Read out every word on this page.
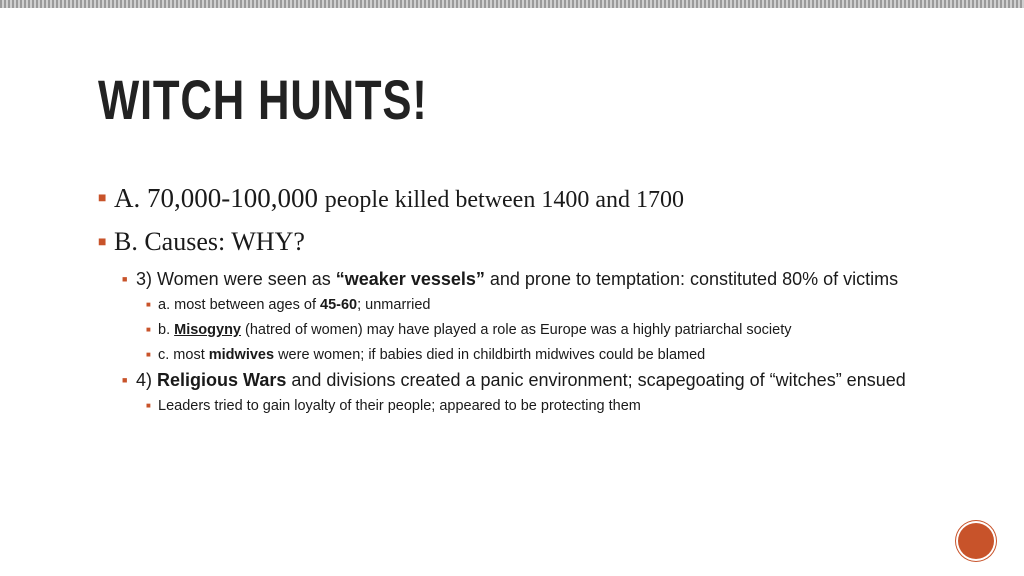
WITCH HUNTS!
■ A. 70,000-100,000 people killed between 1400 and 1700
■ B. Causes: WHY?
■ 3) Women were seen as “weaker vessels” and prone to temptation: constituted 80% of victims
■ a. most between ages of 45-60; unmarried
■ b. Misogyny (hatred of women) may have played a role as Europe was a highly patriarchal society
■ c. most midwives were women; if babies died in childbirth midwives could be blamed
■ 4) Religious Wars and divisions created a panic environment; scapegoating of “witches” ensued
■ Leaders tried to gain loyalty of their people; appeared to be protecting them
